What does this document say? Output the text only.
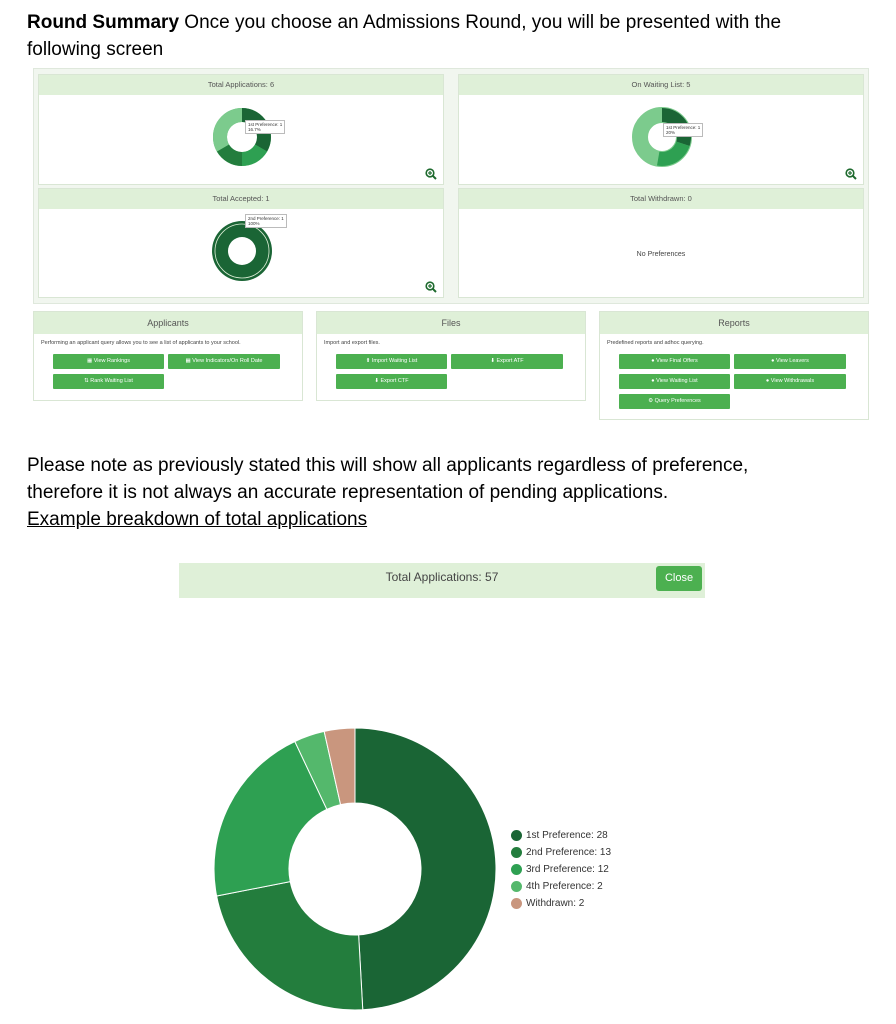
Round Summary Once you choose an Admissions Round, you will be presented with the

following screen

Total Applications: 6
1st Preference: 1
16.7%
On Waiting List: 5
1st Preference: 1
20%
Total Accepted: 1
2nd Preference: 1
100%
Total Withdrawn: 0
No Preferences
Applicants
Performing an applicant query allows you to see a list of applicants to your school.
▦ View Rankings	▦ View Indicators/On Roll Date
⇅ Rank Waiting List
Files
Import and export files.
⬆ Import Waiting List	⬇ Export ATF
⬇ Export CTF
Reports
Predefined reports and adhoc querying.
● View Final Offers	● View Leavers
● View Waiting List	● View Withdrawals
⚙ Query Preferences

Please note as previously stated this will show all applicants regardless of preference,

therefore it is not always an accurate representation of pending applications.

Example breakdown of total applications

Total Applications: 57	Close
1st Preference: 28
2nd Preference: 13
3rd Preference: 12
4th Preference: 2
Withdrawn: 2
